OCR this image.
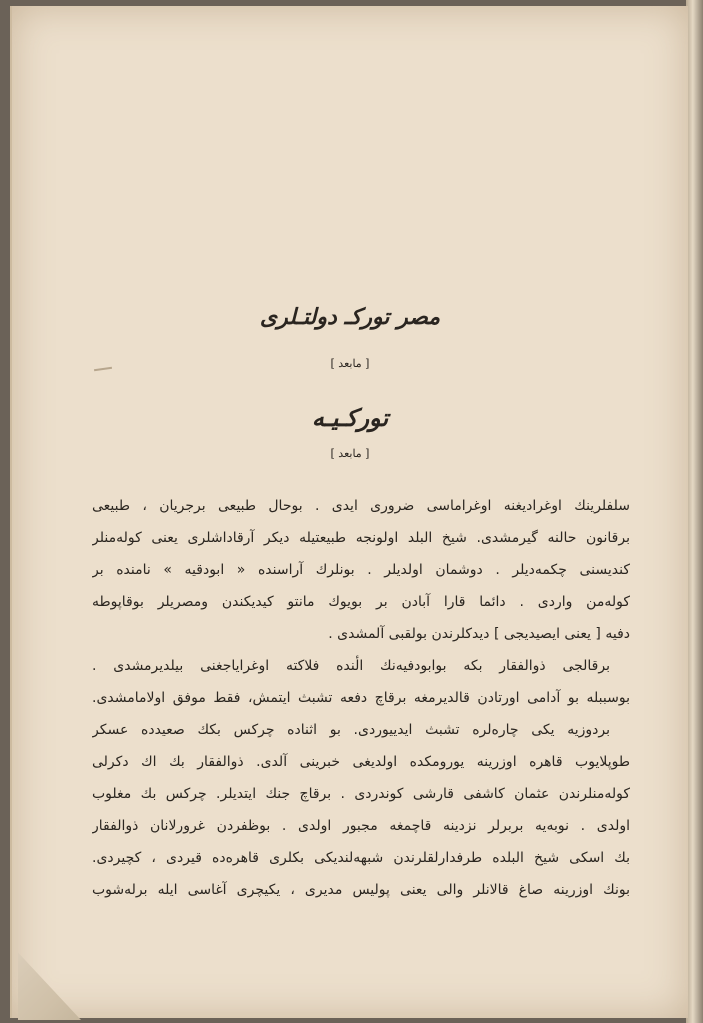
مصر توركـ دولتـلری
[ مابعد ]
توركـيـه
[ مابعد ]
سلفلرینك اوغرادیغنه اوغراماسی ضروری ایدی . بوحال طبیعی برجریان ، طبیعی
برقانون حالنه گیرمشدی. شیخ البلد اولونجه طبیعتیله دیكر آرقاداشلری یعنی كوله‌منلر
كندیسنی چكمه‌دیلر . دوشمان اولدیلر . بونلرك آراسنده « ابودقیه » نامنده بر
كوله‌من واردی . دائما قارا آبادن بر بویوك مانتو كیدیكندن ومصریلر بوقاپوطه
دفیه [ یعنی ایصیدیجی ] دیدكلرندن بولقبی آلمشدی .
برقالجی ذوالفقار بكه بوابودفیه‌نك الٔنده فلاكته اوغرایاجغنی بیلدیرمشدی .
بوسببله بو آدامی اورتادن قالدیرمغه برقاچ دفعه تشبث ایتمش، فقط موفق اولامامشدی.
بردوزیه یكی چاره‌لره تشبث ایدییوردی. بو اثناده چركس بكك صعیدده عسكر
طوپلایوب قاهره اوزرینه یورومكده اولدیغی خبرینی آلدی. ذوالفقار بك اك دكرلی
كوله‌منلرندن عثمان كاشفی قارشی كوندردی . برقاچ جنك ایتدیلر. چركس بك مغلوب
اولدی . نوبه‌یه بربرلر نزدینه قاچمغه مجبور اولدی . بوظفردن غرورلانان ذوالفقار
بك اسكی شیخ البلده طرفدارلقلرندن شبهه‌لندیكی بكلری قاهره‌ده قیردی ، كچیردی.
بونك اوزرینه صاغ قالانلر والی یعنی پولیس مدیری ، یكیچری آغاسی ایله برله‌شوب
